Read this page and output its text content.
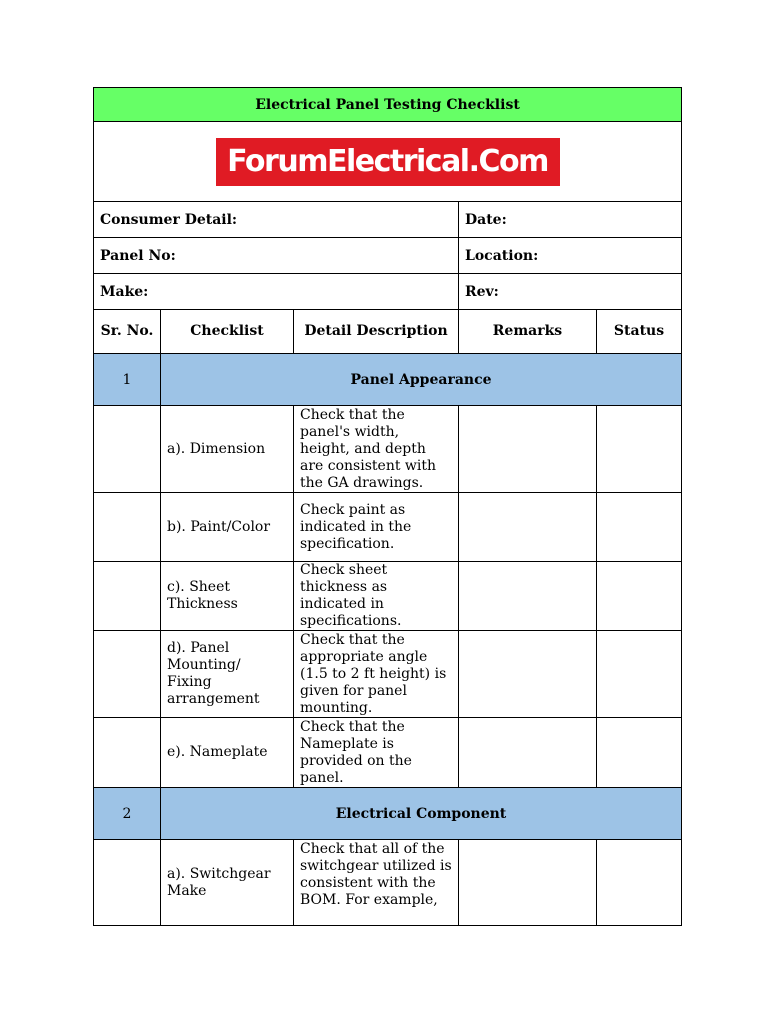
Electrical Panel Testing Checklist				
ForumElectrical.Com				
Consumer Detail:			Date:	
Panel No:			Location:	
Make:			Rev:	
Sr. No.	Checklist	Detail Description	Remarks	Status
1	Panel Appearance			
	a). Dimension	Check that the panel's width, height, and depth are consistent with the GA drawings.		
	b). Paint/Color	Check paint as indicated in the specification.		
	c). Sheet Thickness	Check sheet thickness as indicated in specifications.		
	d). Panel Mounting/ Fixing arrangement	Check that the appropriate angle (1.5 to 2 ft height) is given for panel mounting.		
	e). Nameplate	Check that the Nameplate is provided on the panel.		
2	Electrical Component			
	a). Switchgear Make	Check that all of the switchgear utilized is consistent with the BOM. For example,		
